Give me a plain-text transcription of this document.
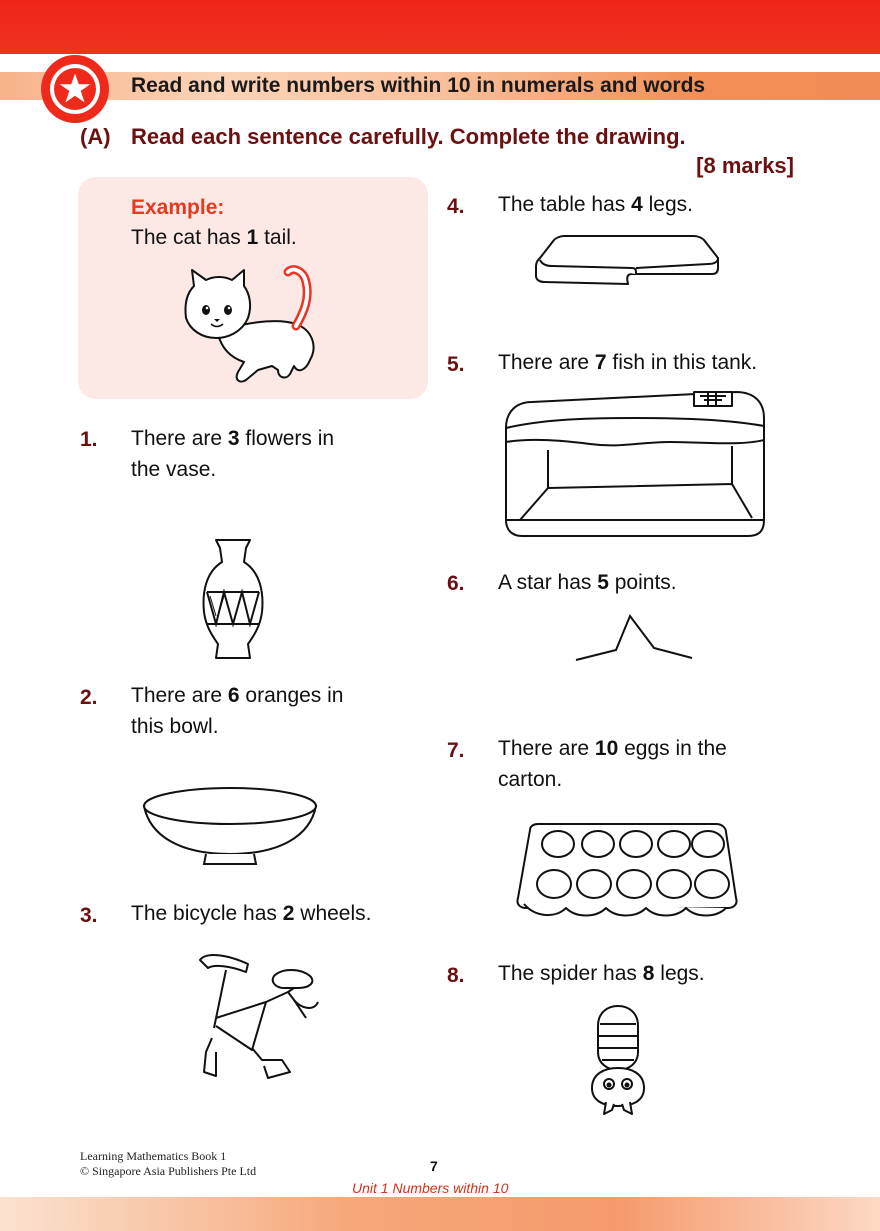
Read and write numbers within 10 in numerals and words
(A) Read each sentence carefully. Complete the drawing.
[8 marks]
Example:
The cat has 1 tail.
1. There are 3 flowers in the vase.
2. There are 6 oranges in this bowl.
3. The bicycle has 2 wheels.
4. The table has 4 legs.
5. There are 7 fish in this tank.
6. A star has 5 points.
7. There are 10 eggs in the carton.
8. The spider has 8 legs.
Learning Mathematics Book 1
© Singapore Asia Publishers Pte Ltd	7
Unit 1 Numbers within 10
